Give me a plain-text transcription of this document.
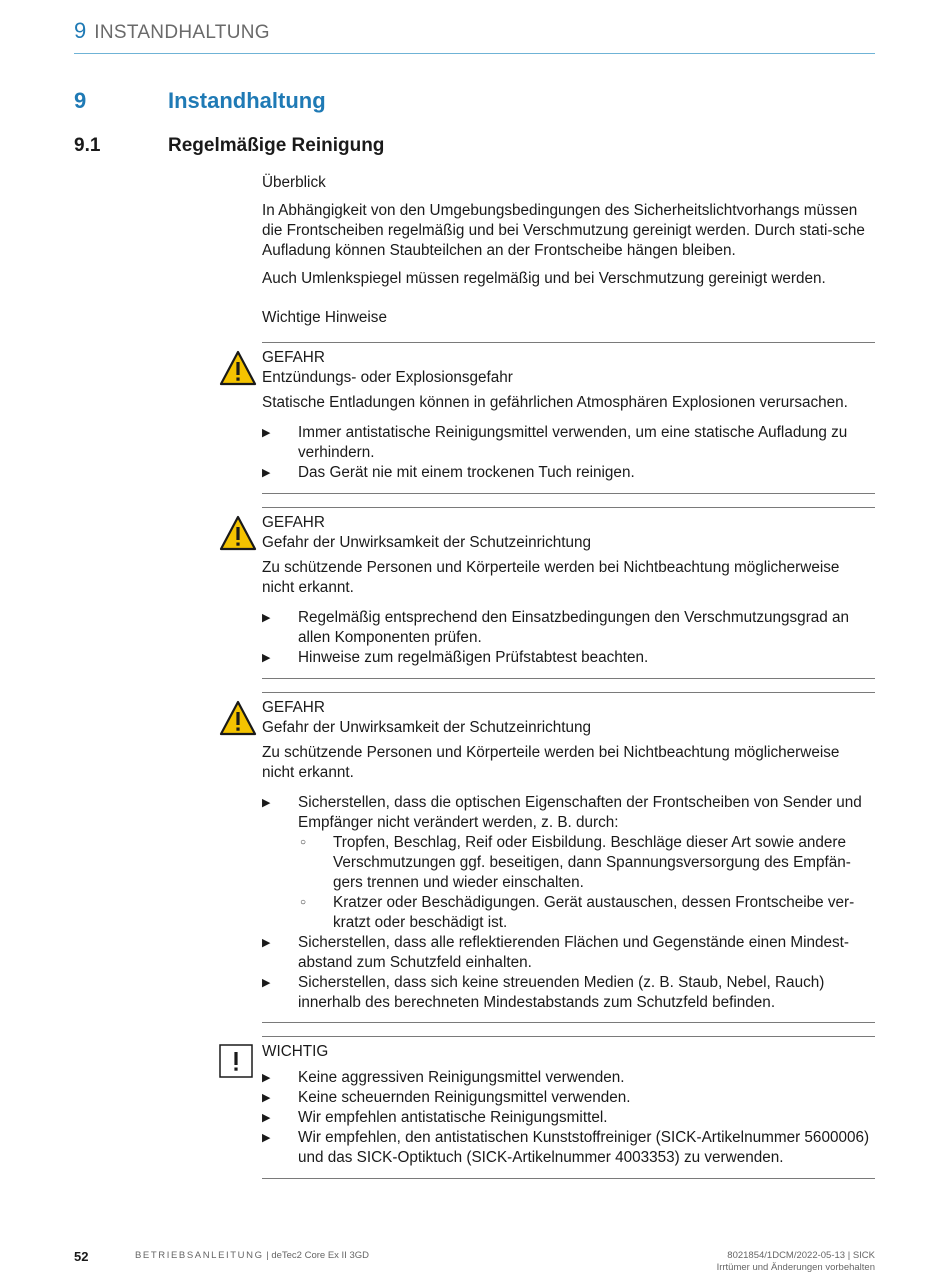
9 INSTANDHALTUNG
9	Instandhaltung
9.1	Regelmäßige Reinigung
Überblick
In Abhängigkeit von den Umgebungsbedingungen des Sicherheitslichtvorhangs müssen die Frontscheiben regelmäßig und bei Verschmutzung gereinigt werden. Durch stati-sche Aufladung können Staubteilchen an der Frontscheibe hängen bleiben.
Auch Umlenkspiegel müssen regelmäßig und bei Verschmutzung gereinigt werden.
Wichtige Hinweise
GEFAHR
Entzündungs- oder Explosionsgefahr
Statische Entladungen können in gefährlichen Atmosphären Explosionen verursachen.

▶ Immer antistatische Reinigungsmittel verwenden, um eine statische Aufladung zu verhindern.

▶ Das Gerät nie mit einem trockenen Tuch reinigen.

GEFAHR
Gefahr der Unwirksamkeit der Schutzeinrichtung
Zu schützende Personen und Körperteile werden bei Nichtbeachtung möglicherweise nicht erkannt.

▶ Regelmäßig entsprechend den Einsatzbedingungen den Verschmutzungsgrad an allen Komponenten prüfen.

▶ Hinweise zum regelmäßigen Prüfstabtest beachten.

GEFAHR
Gefahr der Unwirksamkeit der Schutzeinrichtung
Zu schützende Personen und Körperteile werden bei Nichtbeachtung möglicherweise nicht erkannt.

▶ Sicherstellen, dass die optischen Eigenschaften der Frontscheiben von Sender und Empfänger nicht verändert werden, z. B. durch:

○ Tropfen, Beschlag, Reif oder Eisbildung. Beschläge dieser Art sowie andere Verschmutzungen ggf. beseitigen, dann Spannungsversorgung des Empfän-gers trennen und wieder einschalten.

○ Kratzer oder Beschädigungen. Gerät austauschen, dessen Frontscheibe ver-kratzt oder beschädigt ist.

▶ Sicherstellen, dass alle reflektierenden Flächen und Gegenstände einen Mindest-abstand zum Schutzfeld einhalten.

▶ Sicherstellen, dass sich keine streuenden Medien (z. B. Staub, Nebel, Rauch) innerhalb des berechneten Mindestabstands zum Schutzfeld befinden.

WICHTIG

▶ Keine aggressiven Reinigungsmittel verwenden.

▶ Keine scheuernden Reinigungsmittel verwenden.

▶ Wir empfehlen antistatische Reinigungsmittel.

▶ Wir empfehlen, den antistatischen Kunststoffreiniger (SICK-Artikelnummer 5600006) und das SICK-Optiktuch (SICK-Artikelnummer 4003353) zu verwenden.

52	BETRIEBSANLEITUNG | deTec2 Core Ex II 3GD	8021854/1DCM/2022-05-13 | SICK
Irrtümer und Änderungen vorbehalten
